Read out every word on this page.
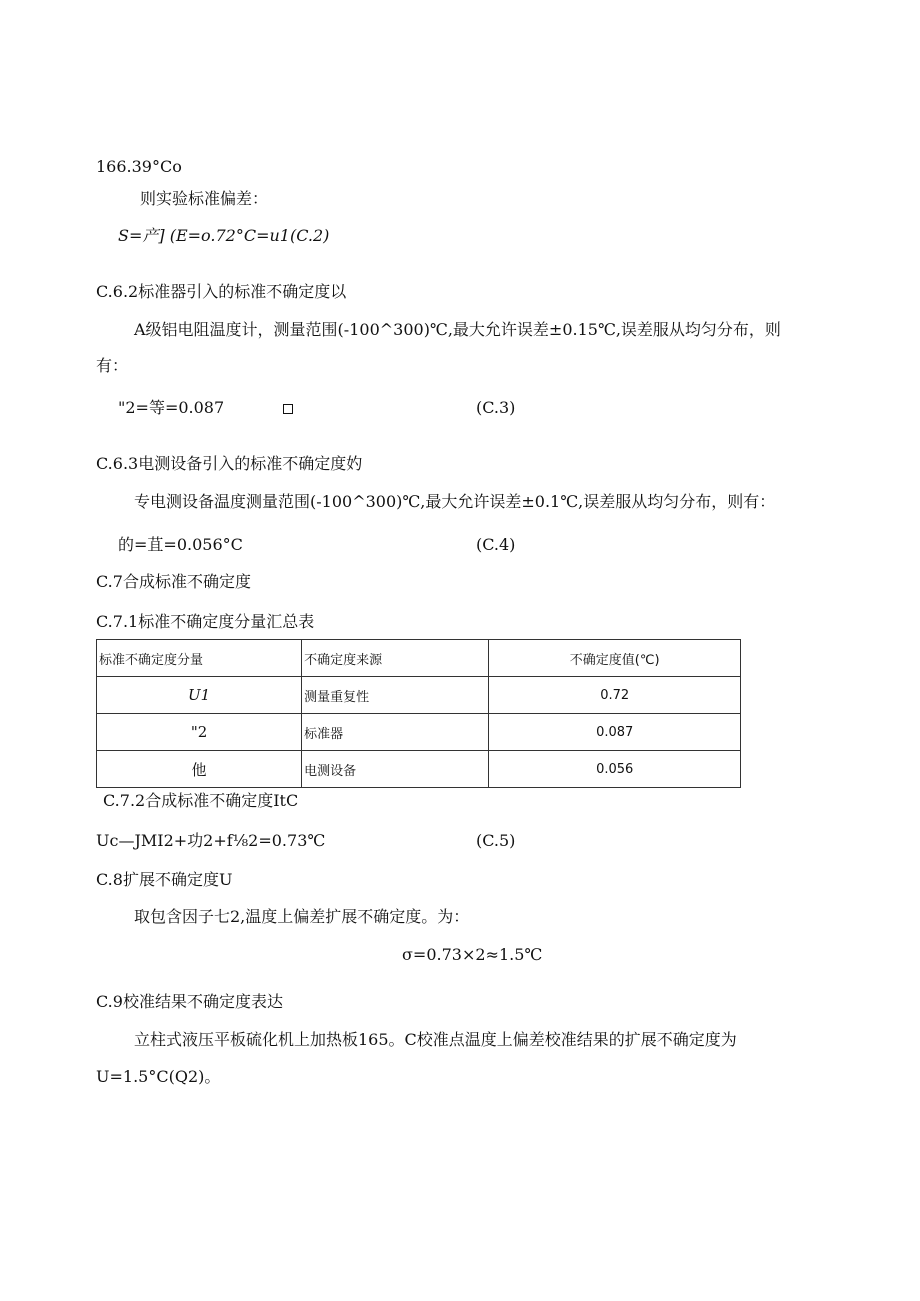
166.39°Co
则实验标准偏差：
S=产] (E=o.72°C=u1(C.2)
C.6.2标准器引入的标准不确定度以
A级铝电阻温度计，测量范围(-100^300)℃,最大允许误差±0.15℃,误差服从均匀分布，则
有：
"2=等=0.087	(C.3)
C.6.3电测设备引入的标准不确定度妁
专电测设备温度测量范围(-100^300)℃,最大允许误差±0.1℃,误差服从均匀分布，则有：
的=苴=0.056°C	(C.4)
C.7合成标准不确定度
C.7.1标准不确定度分量汇总表
标准不确定度分量	不确定度来源	不确定度值(℃)
U1	测量重复性	0.72
"2	标准器	0.087
他	电测设备	0.056
C.7.2合成标准不确定度ItC
Uc—JMI2+功2+f⅛2=0.73℃	(C.5)
C.8扩展不确定度U
取包含因子七2,温度上偏差扩展不确定度。为：
σ=0.73×2≈1.5℃
C.9校准结果不确定度表达
立柱式液压平板硫化机上加热板165。C校准点温度上偏差校准结果的扩展不确定度为
U=1.5°C(Q2)。
